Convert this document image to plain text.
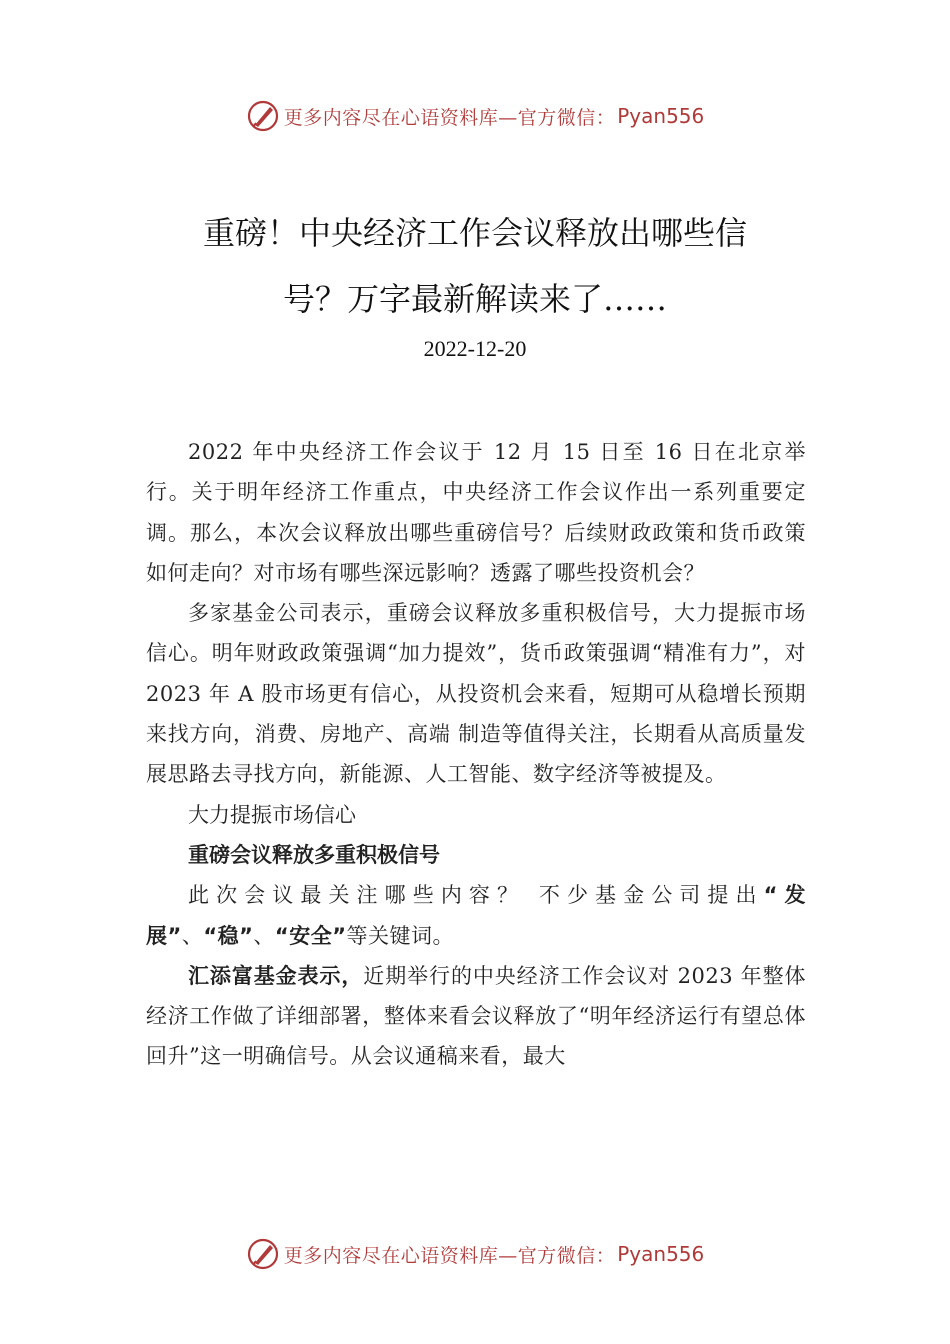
更多内容尽在心语资料库—官方微信： Pyan556
重磅！中央经济工作会议释放出哪些信
号？万字最新解读来了……
2022-12-20

2022 年中央经济工作会议于 12 月 15 日至 16 日在北京举行。关于明年经济工作重点，中央经济工作会议作出一系列重要定调。那么，本次会议释放出哪些重磅信号？后续财政政策和货币政策如何走向？对市场有哪些深远影响？透露了哪些投资机会？

多家基金公司表示，重磅会议释放多重积极信号，大力提振市场信心。明年财政政策强调“加力提效”，货币政策强调“精准有力”，对 2023 年 A 股市场更有信心，从投资机会来看，短期可从稳增长预期来找方向，消费、房地产、高端 制造等值得关注，长期看从高质量发展思路去寻找方向，新能源、人工智能、数字经济等被提及。

大力提振市场信心

重磅会议释放多重积极信号

此次会议最关注哪些内容？ 不少基金公司提出“发展”、“稳”、“安全”等关键词。

汇添富基金表示，近期举行的中央经济工作会议对 2023 年整体经济工作做了详细部署，整体来看会议释放了“明年经济运行有望总体回升”这一明确信号。从会议通稿来看，最大

更多内容尽在心语资料库—官方微信： Pyan556
